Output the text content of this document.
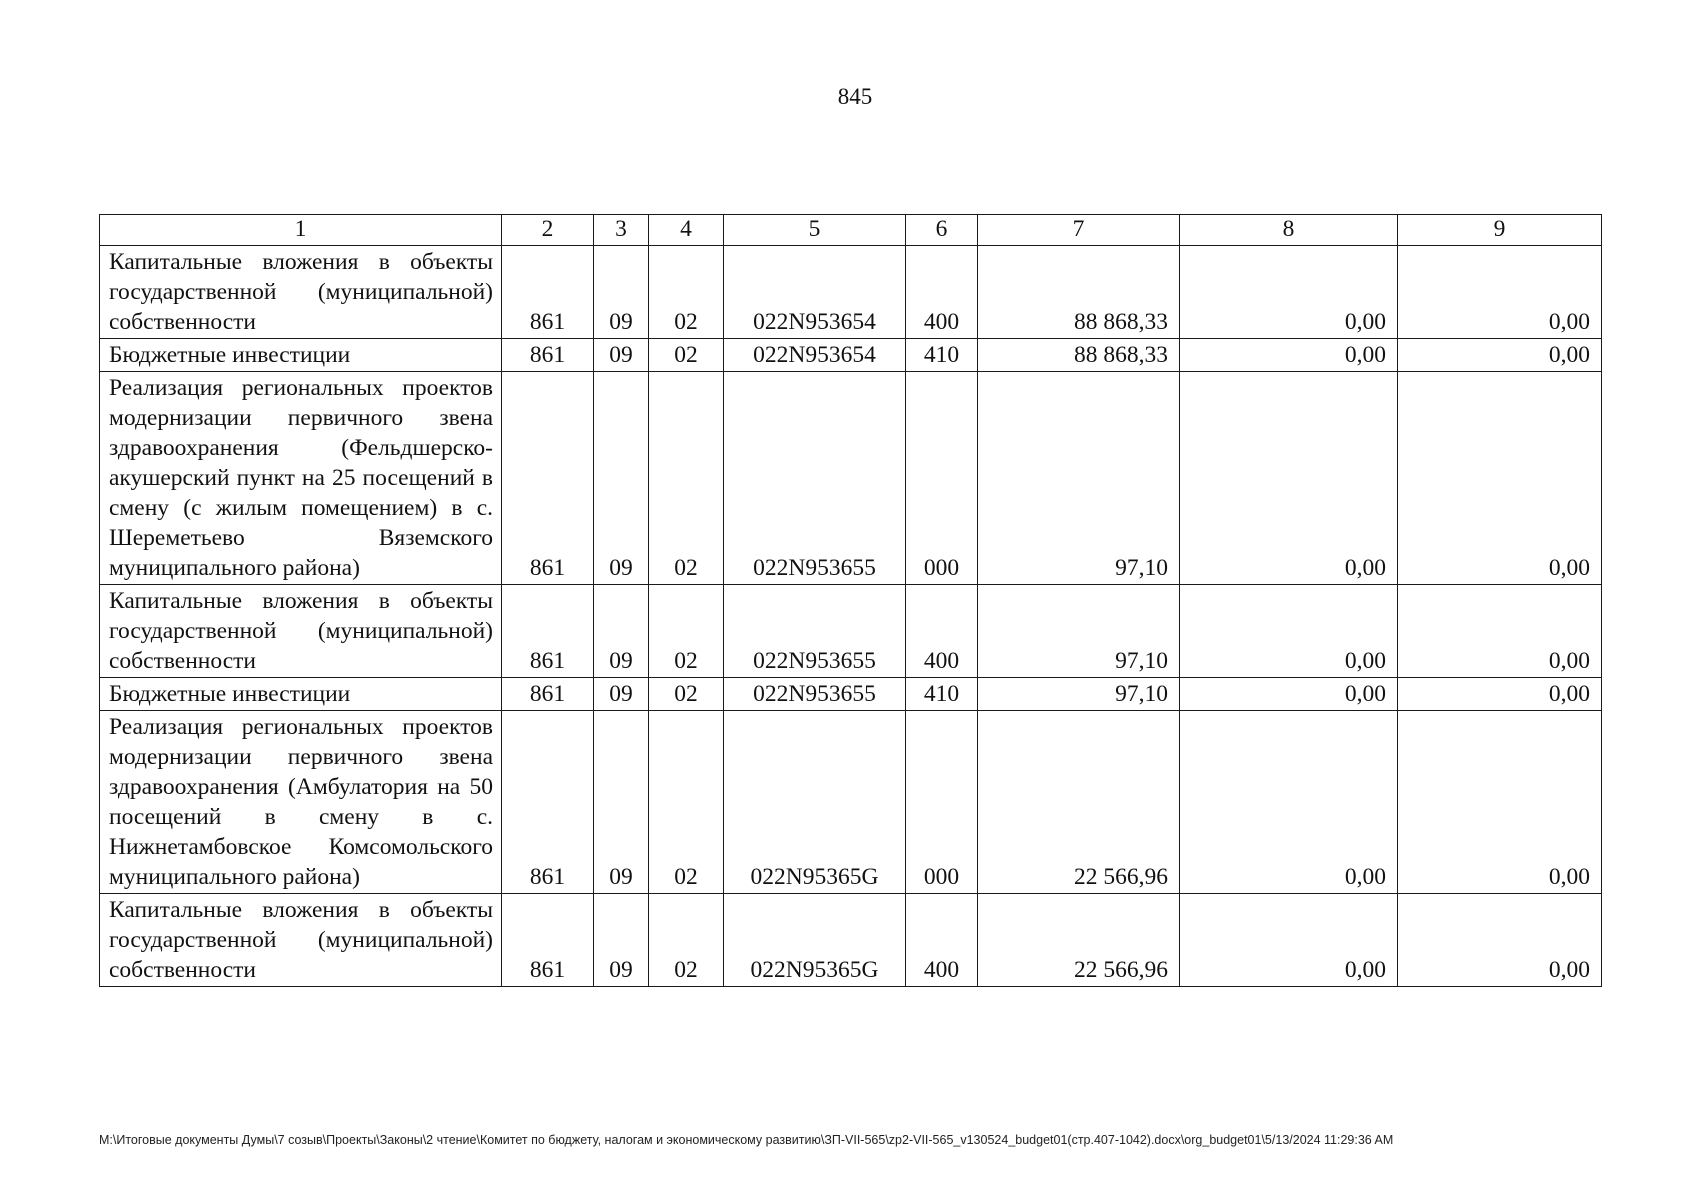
845
1	2	3	4	5	6	7	8	9
Капитальные вложения в объекты государственной (муниципальной) собственности	861	09	02	022N953654	400	88 868,33	0,00	0,00
Бюджетные инвестиции	861	09	02	022N953654	410	88 868,33	0,00	0,00
Реализация региональных проектов модернизации первичного звена здравоохранения (Фельдшерско-акушерский пункт на 25 посещений в смену (с жилым помещением) в с. Шереметьево Вяземского муниципального района)	861	09	02	022N953655	000	97,10	0,00	0,00
Капитальные вложения в объекты государственной (муниципальной) собственности	861	09	02	022N953655	400	97,10	0,00	0,00
Бюджетные инвестиции	861	09	02	022N953655	410	97,10	0,00	0,00
Реализация региональных проектов модернизации первичного звена здравоохранения (Амбулатория на 50 посещений в смену в с. Нижнетамбовское Комсомольского муниципального района)	861	09	02	022N95365G	000	22 566,96	0,00	0,00
Капитальные вложения в объекты государственной (муниципальной) собственности	861	09	02	022N95365G	400	22 566,96	0,00	0,00
M:\Итоговые документы Думы\7 созыв\Проекты\Законы\2 чтение\Комитет по бюджету, налогам и экономическому развитию\ЗП-VII-565\zp2-VII-565_v130524_budget01(стр.407-1042).docx\org_budget01\5/13/2024 11:29:36 AM
